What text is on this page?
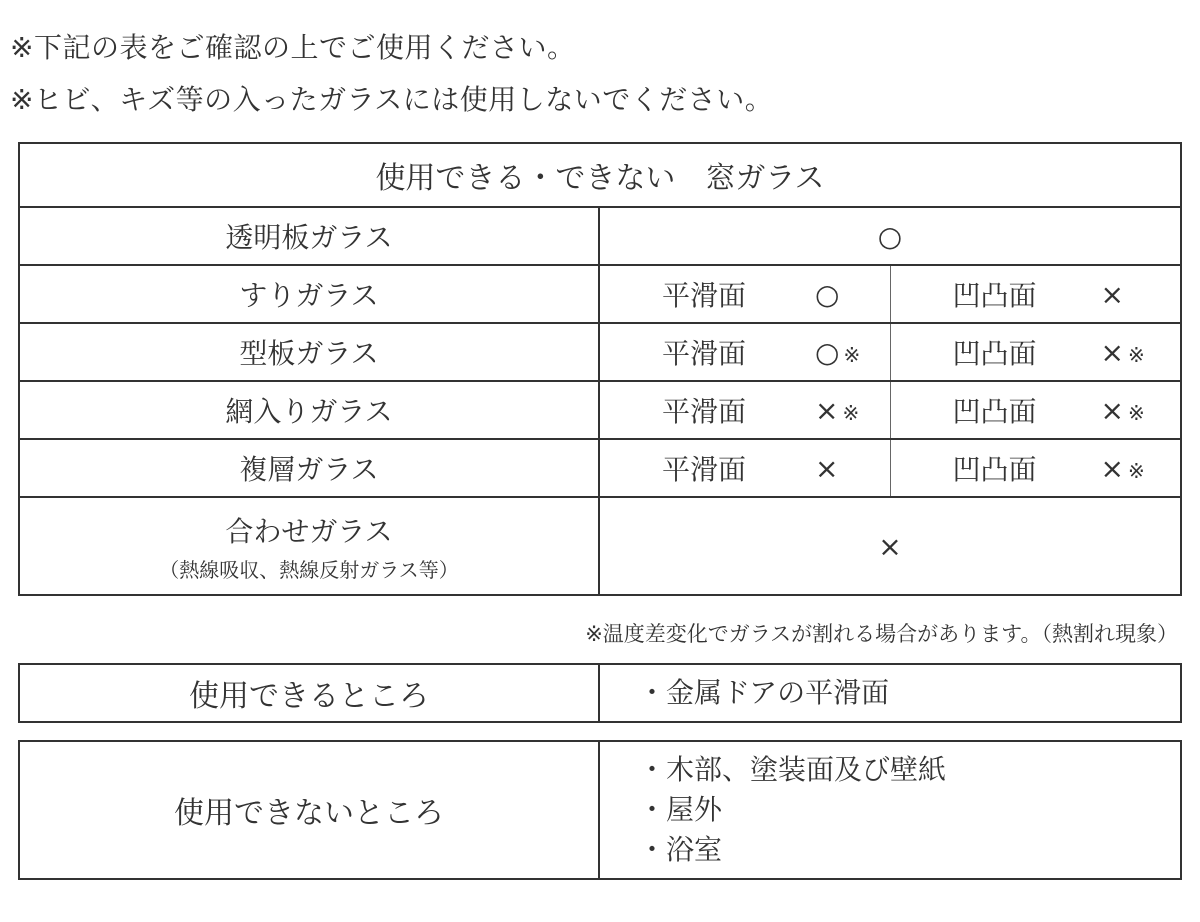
※下記の表をご確認の上でご使用ください。
※ヒビ、キズ等の入ったガラスには使用しないでください。
使用できる・できない　窓ガラス	
透明板ガラス	○
すりガラス	平滑面 ○ 凹凸面 ×

型板ガラス	平滑面 ○ ※ 凹凸面 × ※

網入りガラス	平滑面 × ※ 凹凸面 × ※

複層ガラス	平滑面 × 凹凸面 × ※

合わせガラス
（熱線吸収、熱線反射ガラス等）	×
※温度差変化でガラスが割れる場合があります。（熱割れ現象）
使用できるところ	・金属ドアの平滑面
使用できないところ	
・木部、塗装面及び壁紙
・屋外
・浴室
